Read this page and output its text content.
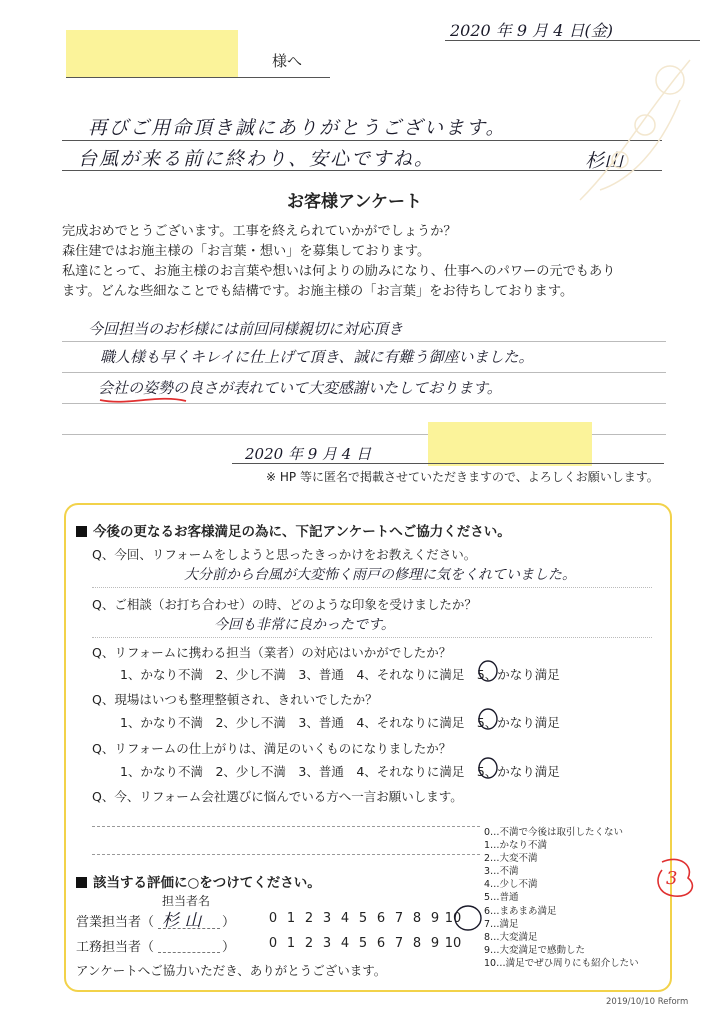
2020 年 9 月 4 日(金)
様へ
再びご用命頂き誠にありがとうございます。
台風が来る前に終わり、安心ですね。	杉山
お客様アンケート
完成おめでとうございます。工事を終えられていかがでしょうか？
森住建ではお施主様の「お言葉・想い」を募集しております。
私達にとって、お施主様のお言葉や想いは何よりの励みになり、仕事へのパワーの元でもあり
ます。どんな些細なことでも結構です。お施主様の「お言葉」をお待ちしております。
今回担当のお杉様には前回同様親切に対応頂き
職人様も早くキレイに仕上げて頂き、誠に有難う御座いました。
会社の姿勢の良さが表れていて大変感謝いたしております。
2020 年 9 月 4 日
※ HP 等に匿名で掲載させていただきますので、よろしくお願いします。
今後の更なるお客様満足の為に、下記アンケートへご協力ください。
Q、今回、リフォームをしようと思ったきっかけをお教えください。
大分前から台風が大変怖く雨戸の修理に気をくれていました。
Q、ご相談（お打ち合わせ）の時、どのような印象を受けましたか？
今回も非常に良かったです。
Q、リフォームに携わる担当（業者）の対応はいかがでしたか？
1、かなり不満　2、少し不満　3、普通　4、それなりに満足　5、かなり満足
Q、現場はいつも整理整頓され、きれいでしたか？
1、かなり不満　2、少し不満　3、普通　4、それなりに満足　5、かなり満足
Q、リフォームの仕上がりは、満足のいくものになりましたか？
1、かなり不満　2、少し不満　3、普通　4、それなりに満足　5、かなり満足
Q、今、リフォーム会社選びに悩んでいる方へ一言お願いします。
該当する評価に○をつけてください。
担当者名
営業担当者（ 杉 山 ）	0 1 2 3 4 5 6 7 8 9 10
工務担当者（	）	0 1 2 3 4 5 6 7 8 9 10
アンケートへご協力いただき、ありがとうございます。
0…不満で今後は取引したくない
1…かなり不満
2…大変不満
3…不満
4…少し不満
5…普通
6…まあまあ満足
7…満足
8…大変満足
9…大変満足で感動した
10…満足でぜひ周りにも紹介したい
3
2019/10/10 Reform
